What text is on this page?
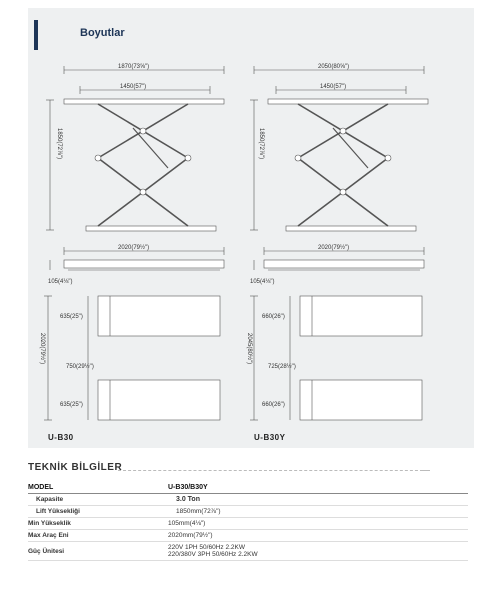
Boyutlar
1870(73⅝")
1450(57")
1850(72⅞")
2020(79½")
105(4⅛")
635(25")
750(29½")
635(25")
2020(79½")
U-B30
2050(80⅝")
1450(57")
1850(72⅞")
2020(79½")
105(4⅛")
660(26")
725(28½")
660(26")
2045(80½")
U-B30Y
TEKNİK BİLGİLER
MODEL	U-B30/B30Y
Kapasite	3.0 Ton
Lift Yüksekliği	1850mm(72⅞")
Min Yükseklik	105mm(4⅛")
Max Araç Eni	2020mm(79½")
Güç Ünitesi	220V 1PH 50/60Hz 2.2KW
220/380V 3PH 50/60Hz 2.2KW
